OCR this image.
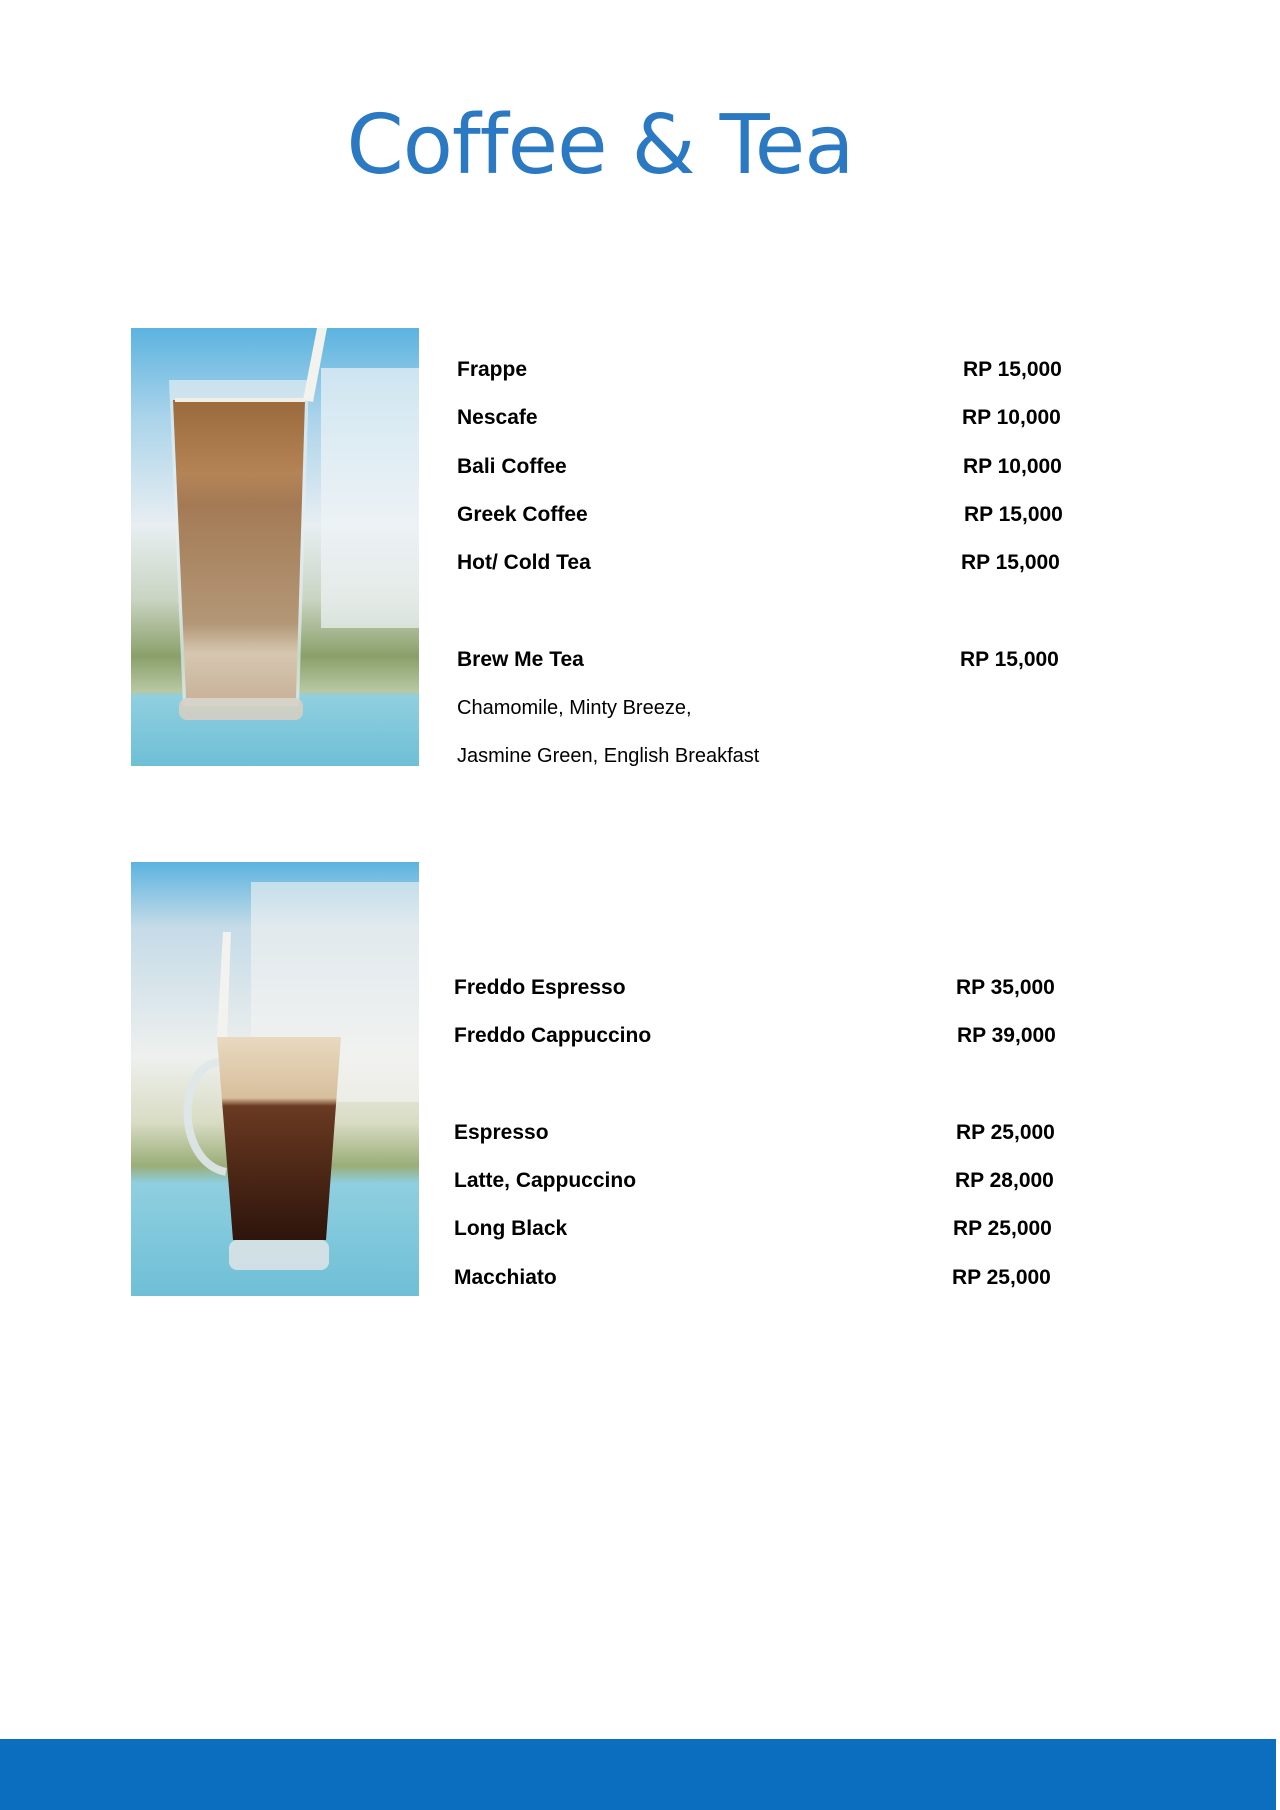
Coffee & Tea
Frappe	RP 15,000
Nescafe	RP 10,000
Bali Coffee	RP 10,000
Greek Coffee	RP 15,000
Hot/ Cold Tea	RP 15,000
Brew Me Tea	RP 15,000
Chamomile, Minty Breeze,
Jasmine Green, English Breakfast
Freddo Espresso	RP 35,000
Freddo Cappuccino	RP 39,000
Espresso	RP 25,000
Latte, Cappuccino	RP 28,000
Long Black	RP 25,000
Macchiato	RP 25,000
